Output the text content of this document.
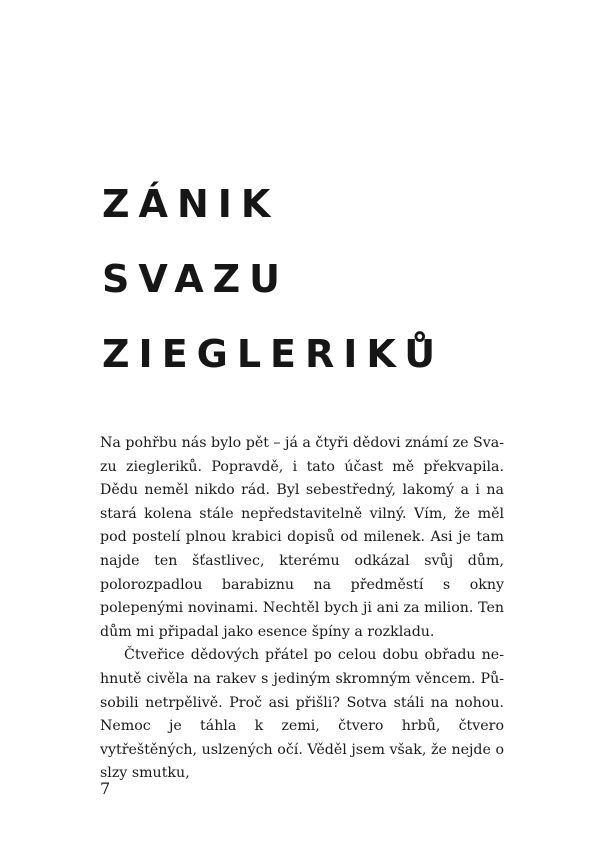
ZÁNIK
SVAZU
ZIEGLERIKŮ

Na pohřbu nás bylo pět – já a čtyři dědovi známí ze Svazu ziegleriků. Popravdě, i tato účast mě překvapila. Dědu neměl nikdo rád. Byl sebestředný, lakomý a i na stará kolena stále nepředstavitelně vilný. Vím, že měl pod postelí plnou krabici dopisů od milenek. Asi je tam najde ten šťastlivec, kterému odkázal svůj dům, polorozpadlou barabiznu na předměstí s okny polepenými novinami. Nechtěl bych ji ani za milion. Ten dům mi připadal jako esence špíny a rozkladu.

Čtveřice dědových přátel po celou dobu obřadu nehnutě civěla na rakev s jediným skromným věncem. Působili netrpělivě. Proč asi přišli? Sotva stáli na nohou. Nemoc je táhla k zemi, čtvero hrbů, čtvero vytřeštěných, uslzených očí. Věděl jsem však, že nejde o slzy smutku,

7
